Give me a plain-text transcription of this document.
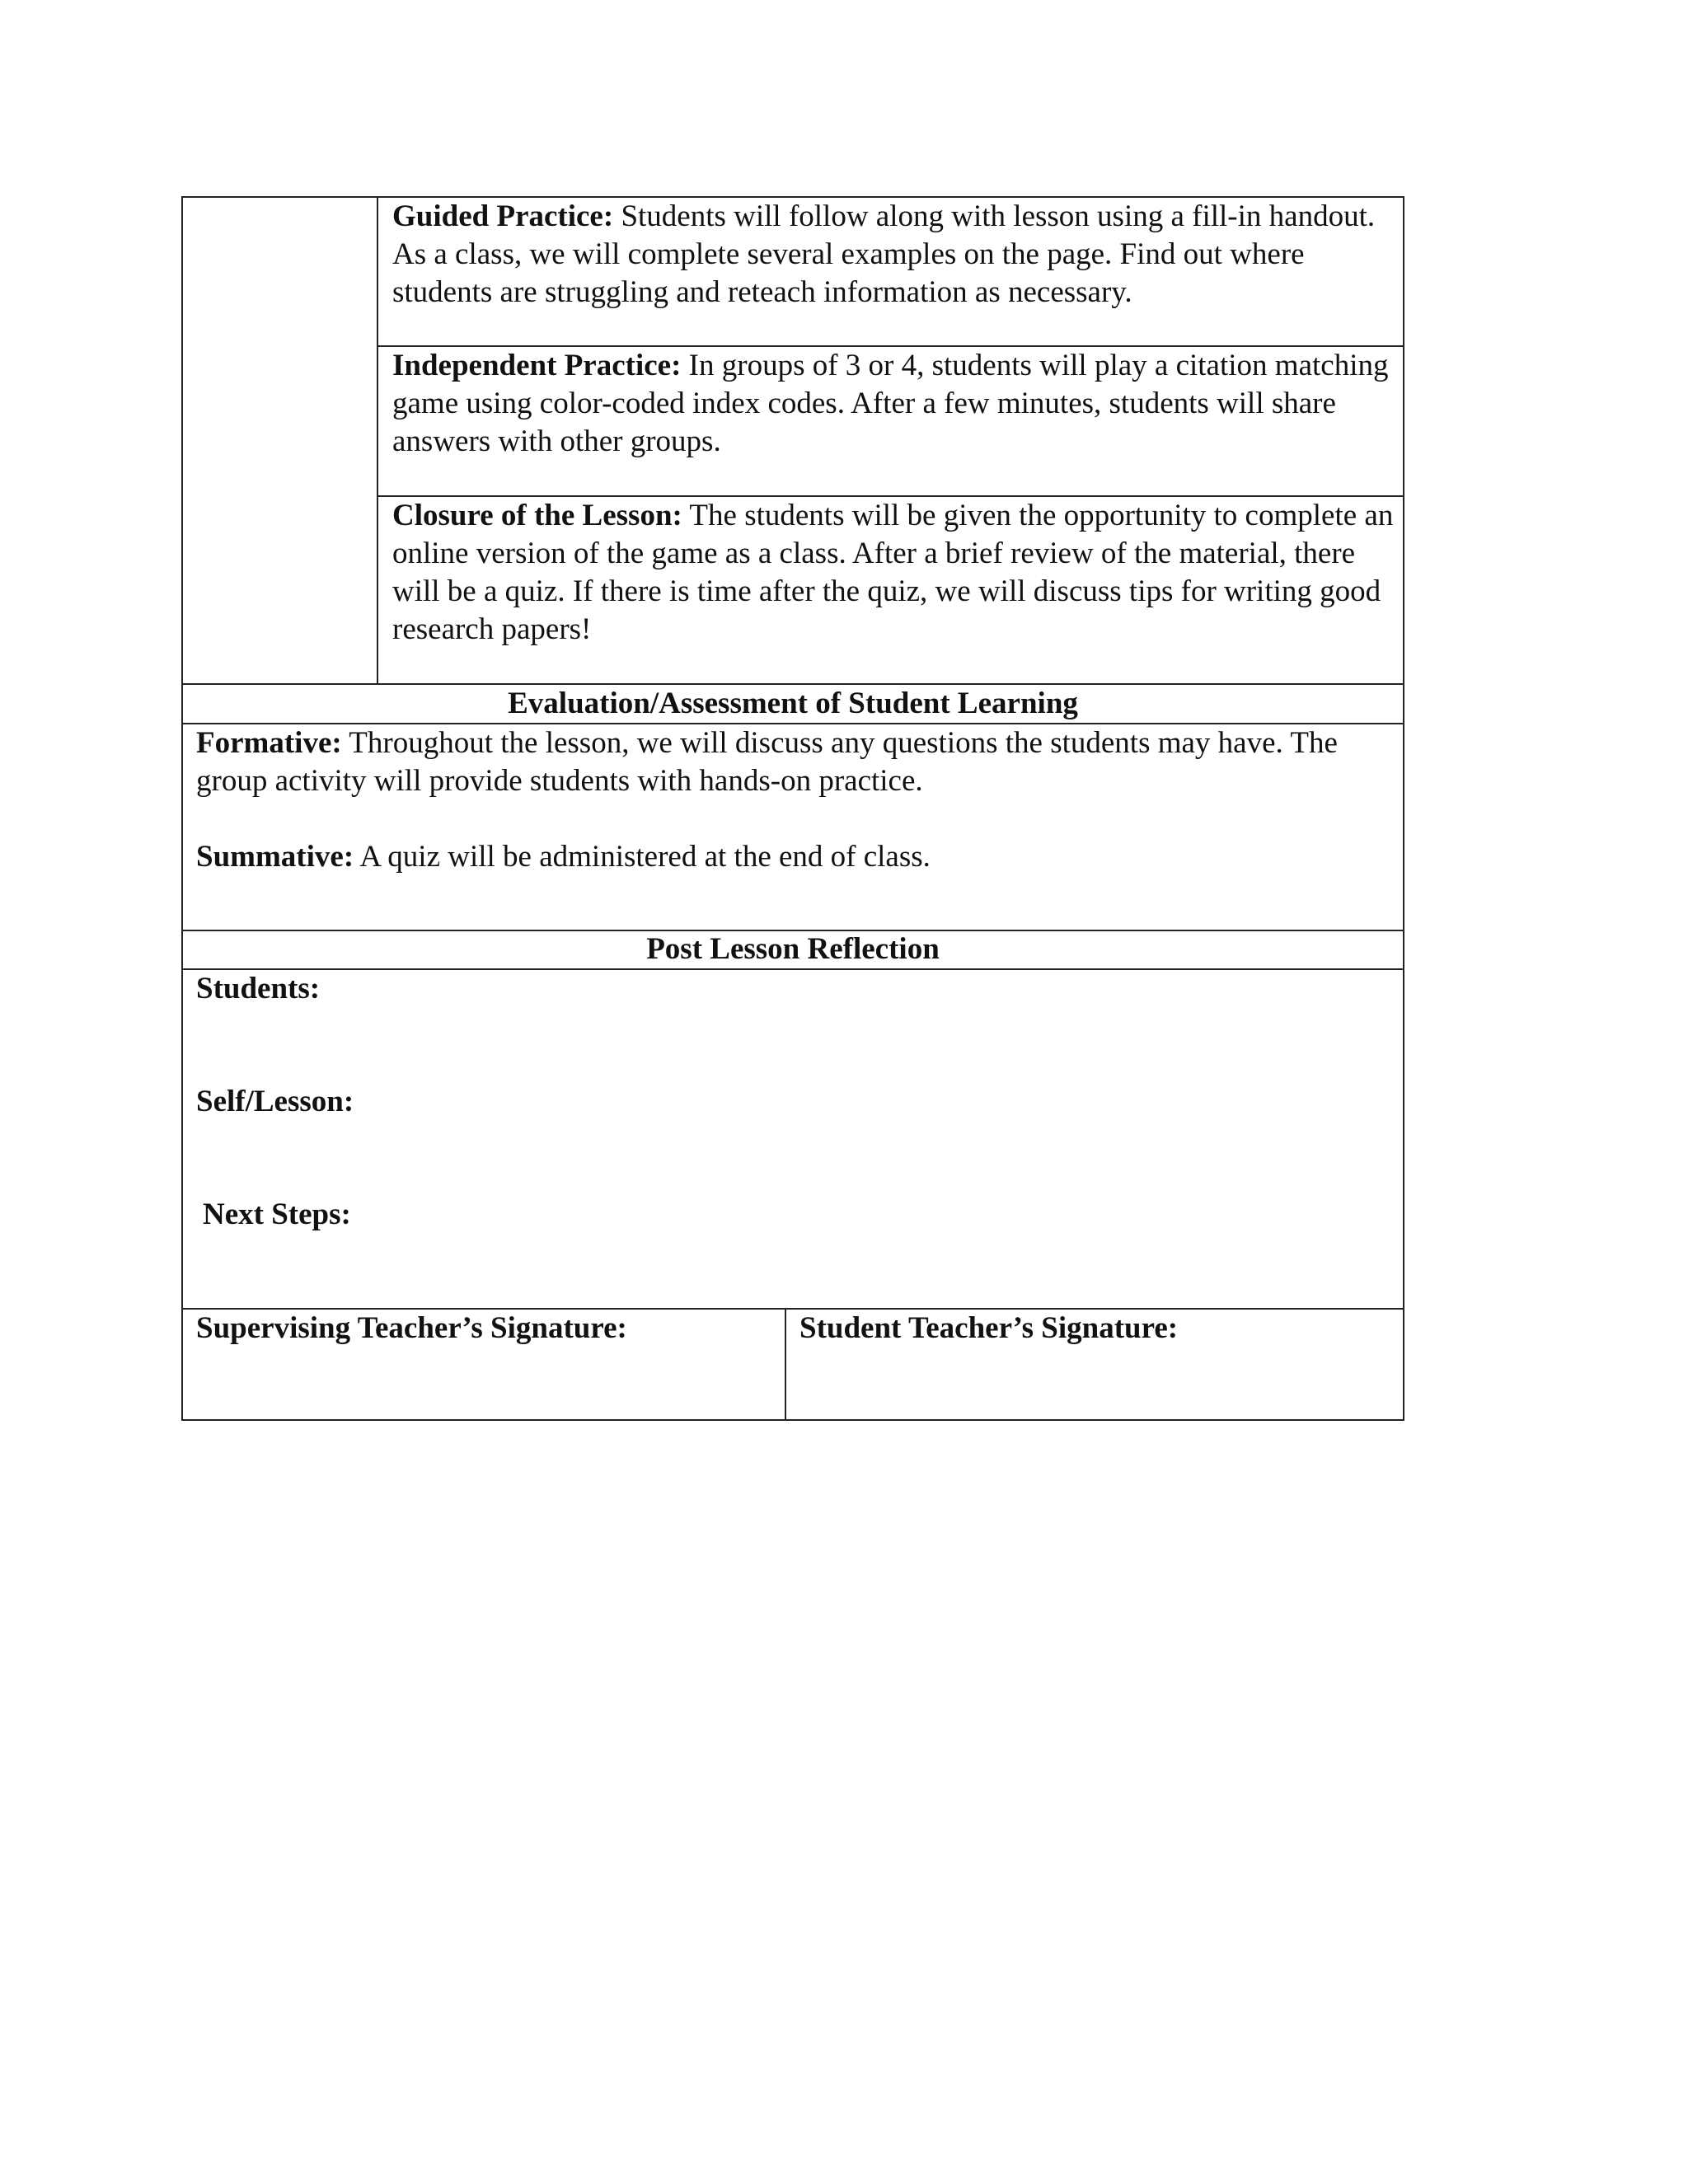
Guided Practice: Students will follow along with lesson using a fill-in handout. As a class, we will complete several examples on the page. Find out where students are struggling and reteach information as necessary.

Independent Practice: In groups of 3 or 4, students will play a citation matching game using color-coded index codes. After a few minutes, students will share answers with other groups.

Closure of the Lesson: The students will be given the opportunity to complete an online version of the game as a class. After a brief review of the material, there will be a quiz. If there is time after the quiz, we will discuss tips for writing good research papers!

Evaluation/Assessment of Student Learning

Formative: Throughout the lesson, we will discuss any questions the students may have. The group activity will provide students with hands-on practice.

Summative: A quiz will be administered at the end of class.

Post Lesson Reflection
Students:
Self/Lesson:
Next Steps:
Supervising Teacher’s Signature:	Student Teacher’s Signature:
